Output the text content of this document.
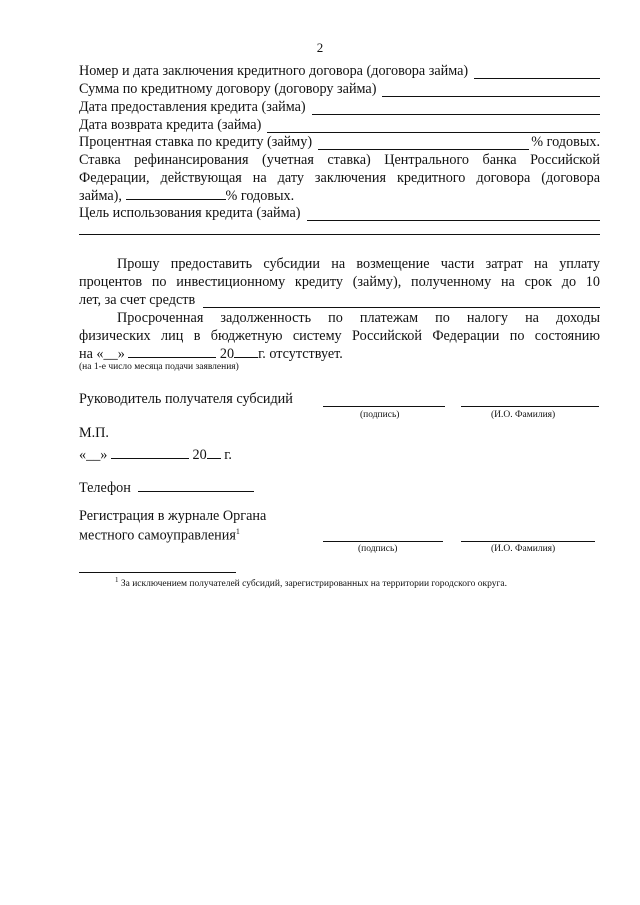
2
Номер и дата заключения кредитного договора (договора займа)
Сумма по кредитному договору (договору займа)
Дата предоставления кредита (займа)
Дата возврата кредита (займа)
Процентная ставка по кредиту (займу)	% годовых.
Ставка рефинансирования (учетная ставка) Центрального банка Российской
Федерации, действующая на дату заключения кредитного договора (договора
займа),	% годовых.
Цель использования кредита (займа)
Прошу предоставить субсидии на возмещение части затрат на уплату
процентов по инвестиционному кредиту (займу), полученному на срок до 10
лет, за счет средств
Просроченная задолженность по платежам по налогу на доходы
физических лиц в бюджетную систему Российской Федерации по состоянию
на «__»	20 г. отсутствует.
(на 1-е число месяца подачи заявления)
Руководитель получателя субсидий
(подпись)	(И.О. Фамилия)
М.П.
«__»	20 г.
Телефон
Регистрация в журнале Органа
местного самоуправления$^1$
(подпись)	(И.О. Фамилия)
$^1$ За исключением получателей субсидий, зарегистрированных на территории городского округа.
